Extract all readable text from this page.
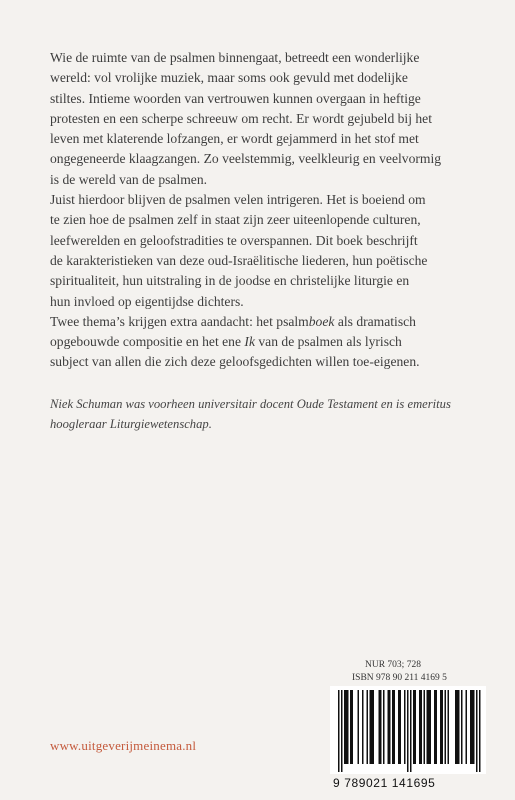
Wie de ruimte van de psalmen binnengaat, betreedt een wonderlijke
wereld: vol vrolijke muziek, maar soms ook gevuld met dodelijke
stiltes. Intieme woorden van vertrouwen kunnen overgaan in heftige
protesten en een scherpe schreeuw om recht. Er wordt gejubeld bij het
leven met klaterende lofzangen, er wordt gejammerd in het stof met
ongegeneerde klaagzangen. Zo veelstemmig, veelkleurig en veelvormig
is de wereld van de psalmen.

Juist hierdoor blijven de psalmen velen intrigeren. Het is boeiend om
te zien hoe de psalmen zelf in staat zijn zeer uiteenlopende culturen,
leefwerelden en geloofstradities te overspannen. Dit boek beschrijft
de karakteristieken van deze oud-Israëlitische liederen, hun poëtische
spiritualiteit, hun uitstraling in de joodse en christelijke liturgie en
hun invloed op eigentijdse dichters.

Twee thema’s krijgen extra aandacht: het psalmboek als dramatisch
opgebouwde compositie en het ene Ik van de psalmen als lyrisch
subject van allen die zich deze geloofsgedichten willen toe-eigenen.

Niek Schuman was voorheen universitair docent Oude Testament en is emeritus
hoogleraar Liturgiewetenschap.

NUR 703; 728
ISBN 978 90 211 4169 5
9 789021 141695
www.uitgeverijmeinema.nl
